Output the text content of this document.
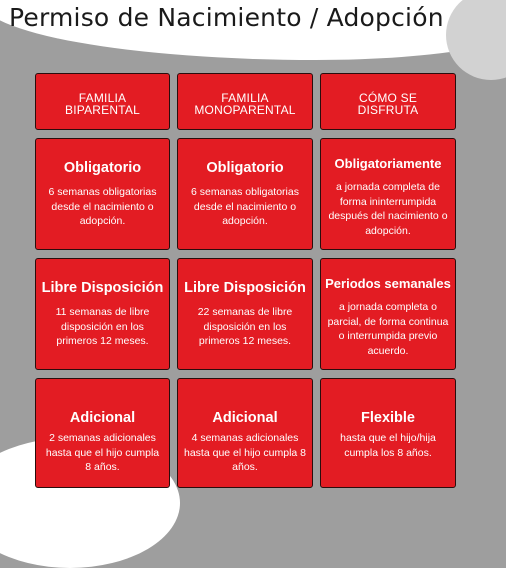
Permiso de Nacimiento / Adopción
FAMILIA
BIPARENTAL
FAMILIA
MONOPARENTAL
CÓMO SE
DISFRUTA
Obligatorio
6 semanas obligatorias desde el nacimiento o adopción.
Obligatorio
6 semanas obligatorias desde el nacimiento o adopción.
Obligatoriamente
a jornada completa de forma ininterrumpida después del nacimiento o adopción.
Libre Disposición
11 semanas de libre disposición en los primeros 12 meses.
Libre Disposición
22 semanas de libre disposición en los primeros 12 meses.
Periodos semanales
a jornada completa o parcial, de forma continua o interrumpida previo acuerdo.
Adicional
2 semanas adicionales hasta que el hijo cumpla 8 años.
Adicional
4 semanas adicionales hasta que el hijo cumpla 8 años.
Flexible
hasta que el hijo/hija cumpla los 8 años.
